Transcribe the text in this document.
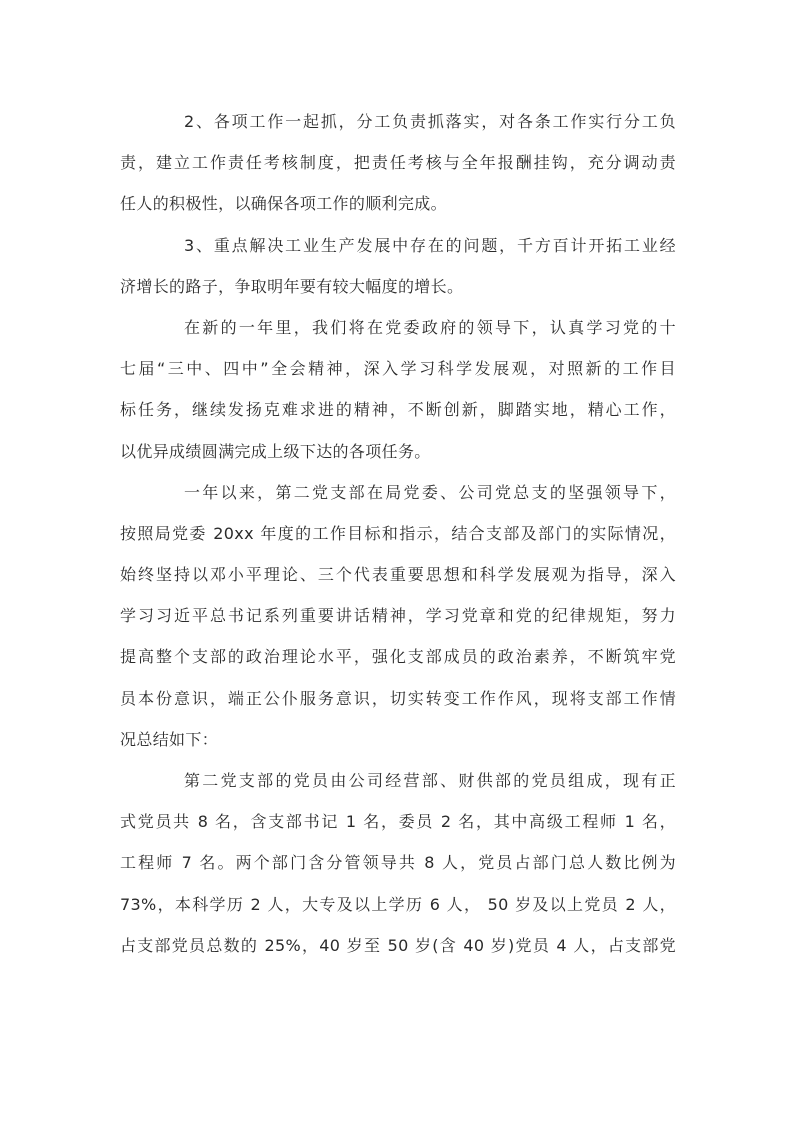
2、各项工作一起抓，分工负责抓落实，对各条工作实行分工负
责，建立工作责任考核制度，把责任考核与全年报酬挂钩，充分调动责
任人的积极性，以确保各项工作的顺利完成。
3、重点解决工业生产发展中存在的问题，千方百计开拓工业经
济增长的路子，争取明年要有较大幅度的增长。
在新的一年里，我们将在党委政府的领导下，认真学习党的十
七届“三中、四中”全会精神，深入学习科学发展观，对照新的工作目
标任务，继续发扬克难求进的精神，不断创新，脚踏实地，精心工作，
以优异成绩圆满完成上级下达的各项任务。
一年以来，第二党支部在局党委、公司党总支的坚强领导下，
按照局党委 20xx 年度的工作目标和指示，结合支部及部门的实际情况，
始终坚持以邓小平理论、三个代表重要思想和科学发展观为指导，深入
学习习近平总书记系列重要讲话精神，学习党章和党的纪律规矩，努力
提高整个支部的政治理论水平，强化支部成员的政治素养，不断筑牢党
员本份意识，端正公仆服务意识，切实转变工作作风，现将支部工作情
况总结如下：
第二党支部的党员由公司经营部、财供部的党员组成，现有正
式党员共 8 名，含支部书记 1 名，委员 2 名，其中高级工程师 1 名，
工程师 7 名。两个部门含分管领导共 8 人，党员占部门总人数比例为
73%，本科学历 2 人，大专及以上学历 6 人， 50 岁及以上党员 2 人，
占支部党员总数的 25%，40 岁至 50 岁(含 40 岁)党员 4 人，占支部党
